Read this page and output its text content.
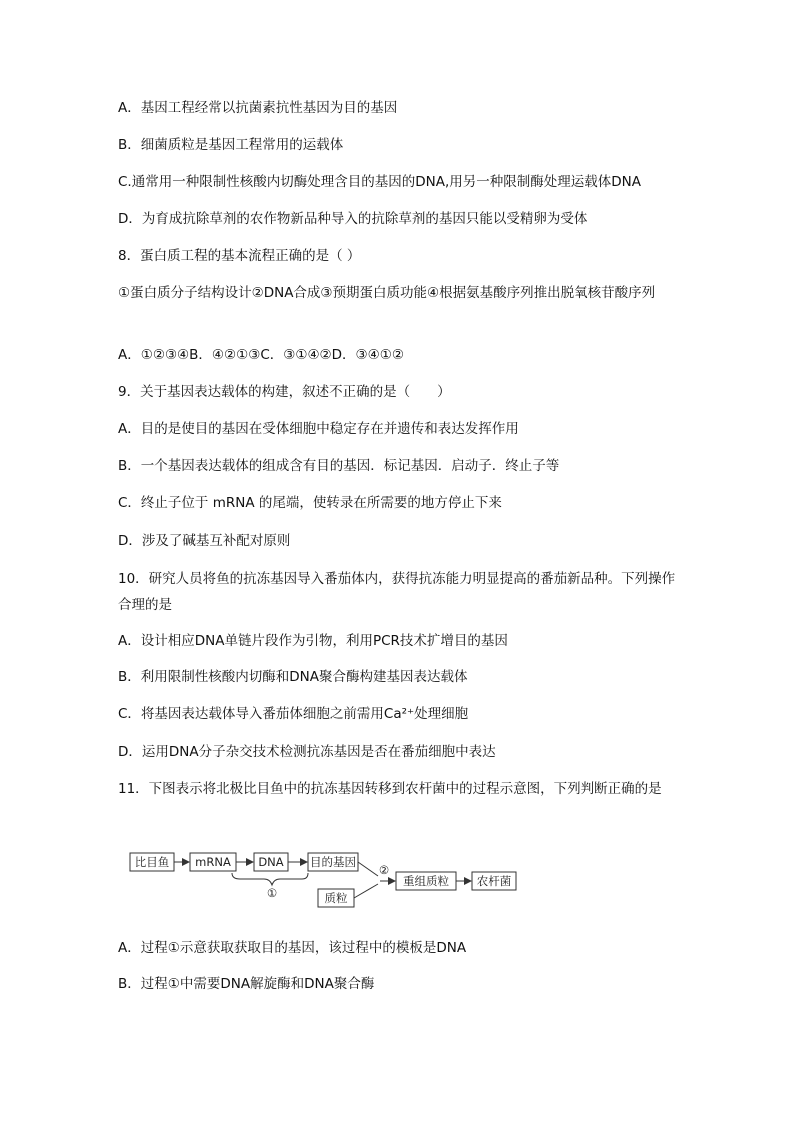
A．基因工程经常以抗菌素抗性基因为目的基因
B．细菌质粒是基因工程常用的运载体
C.通常用一种限制性核酸内切酶处理含目的基因的DNA,用另一种限制酶处理运载体DNA
D．为育成抗除草剂的农作物新品种导入的抗除草剂的基因只能以受精卵为受体
8．蛋白质工程的基本流程正确的是（ ）
①蛋白质分子结构设计②DNA合成③预期蛋白质功能④根据氨基酸序列推出脱氧核苷酸序列
A．①②③④B．④②①③C．③①④②D．③④①②
9．关于基因表达载体的构建，叙述不正确的是（　　）
A．目的是使目的基因在受体细胞中稳定存在并遗传和表达发挥作用
B．一个基因表达载体的组成含有目的基因．标记基因．启动子．终止子等
C．终止子位于 mRNA 的尾端，使转录在所需要的地方停止下来
D．涉及了碱基互补配对原则
10．研究人员将鱼的抗冻基因导入番茄体内，获得抗冻能力明显提高的番茄新品种。下列操作合理的是
A．设计相应DNA单链片段作为引物，利用PCR技术扩增目的基因
B．利用限制性核酸内切酶和DNA聚合酶构建基因表达载体
C．将基因表达载体导入番茄体细胞之前需用Ca²⁺处理细胞
D．运用DNA分子杂交技术检测抗冻基因是否在番茄细胞中表达
11．下图表示将北极比目鱼中的抗冻基因转移到农杆菌中的过程示意图，下列判断正确的是
比目鱼 mRNA DNA 目的基因
质粒
重组质粒 农杆菌
①
②
A．过程①示意获取获取目的基因，该过程中的模板是DNA
B．过程①中需要DNA解旋酶和DNA聚合酶
